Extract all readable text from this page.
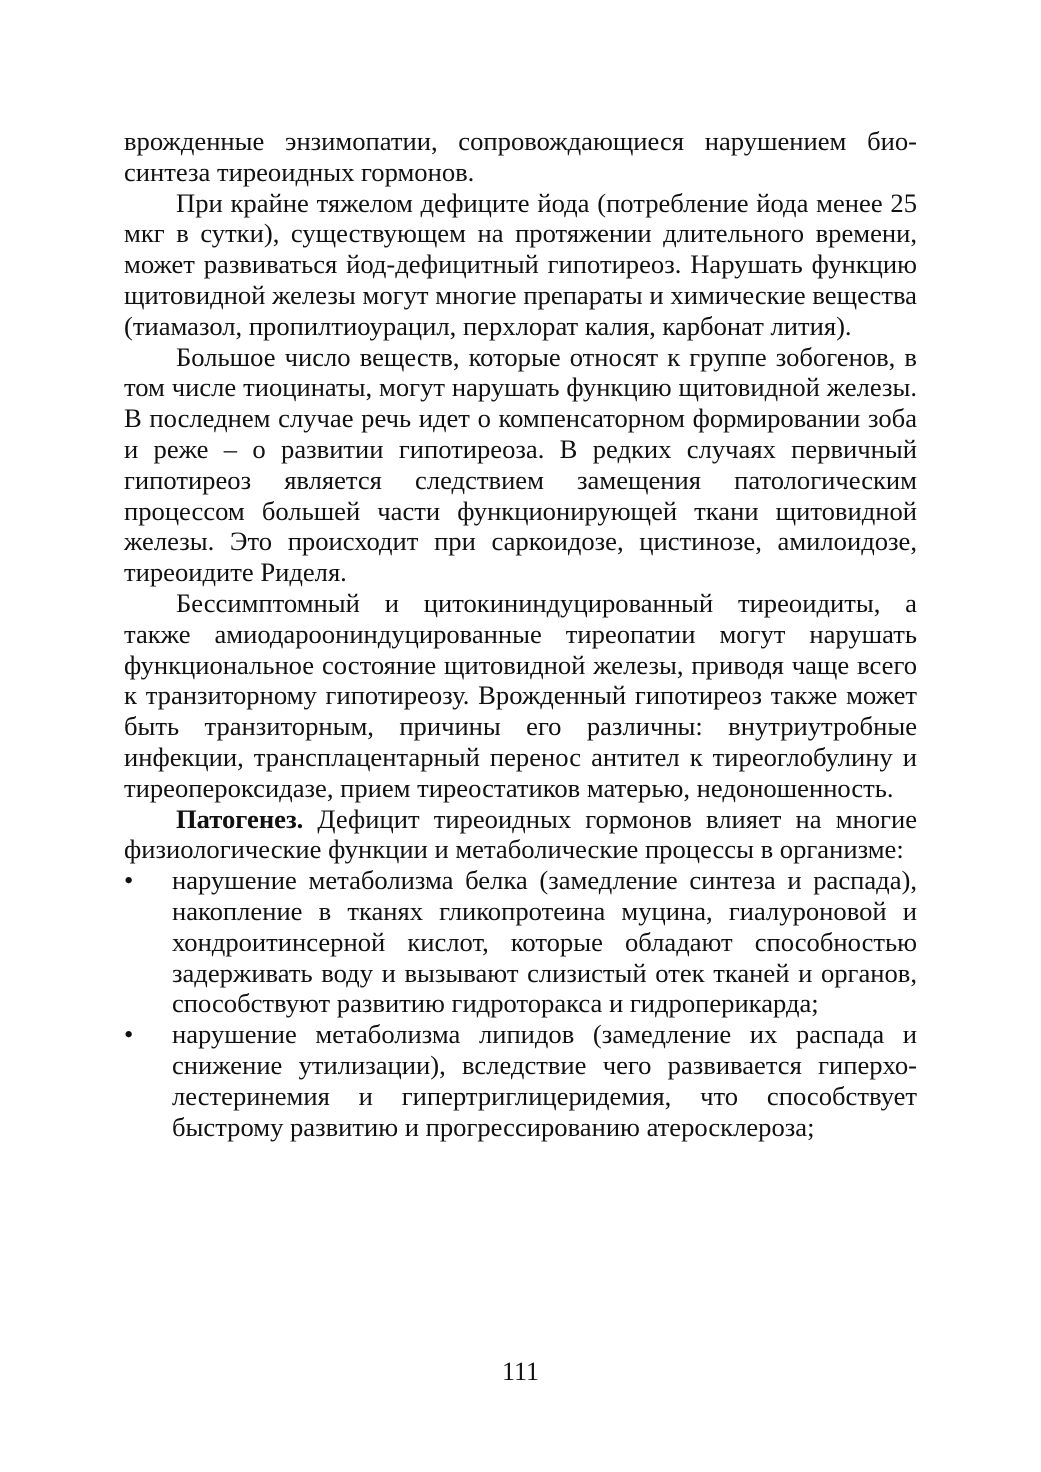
врожденные энзимопатии, сопровождающиеся нарушением биосинтеза тиреоидных гормонов.

При крайне тяжелом дефиците йода (потребление йода менее 25 мкг в сутки), существующем на протяжении длительного времени, может развиваться йод-дефицитный гипотиреоз. Нарушать функцию щитовидной железы могут многие препараты и химические вещества (тиамазол, пропилтиоурацил, перхлорат калия, карбонат лития).

Большое число веществ, которые относят к группе зобогенов, в том числе тиоцинаты, могут нарушать функцию щитовидной железы. В последнем случае речь идет о компенсаторном формировании зоба и реже – о развитии гипотиреоза. В редких случаях первичный гипотиреоз является следствием замещения патологическим процессом большей части функционирующей ткани щитовидной железы. Это происходит при саркоидозе, цистинозе, амилоидозе, тиреоидите Риделя.

Бессимптомный и цитокининдуцированный тиреоидиты, а также амиодароониндуцированные тиреопатии могут нарушать функциональное состояние щитовидной железы, приводя чаще всего к транзиторному гипотиреозу. Врожденный гипотиреоз также может быть транзиторным, причины его различны: внутриутробные инфекции, трансплацентарный перенос антител к тиреоглобулину и тиреопероксидазе, прием тиреостатиков матерью, недоношенность.

Патогенез. Дефицит тиреоидных гормонов влияет на многие физиологические функции и метаболические процессы в организме:

• нарушение метаболизма белка (замедление синтеза и распада), накопление в тканях гликопротеина муцина, гиалуроновой и хондроитинсерной кислот, которые обладают способностью задерживать воду и вызывают слизистый отек тканей и органов, способствуют развитию гидроторакса и гидроперикарда;
• нарушение метаболизма липидов (замедление их распада и снижение утилизации), вследствие чего развивается гиперхолестеринемия и гипертриглицеридемия, что способствует быстрому развитию и прогрессированию атеросклероза;
111
